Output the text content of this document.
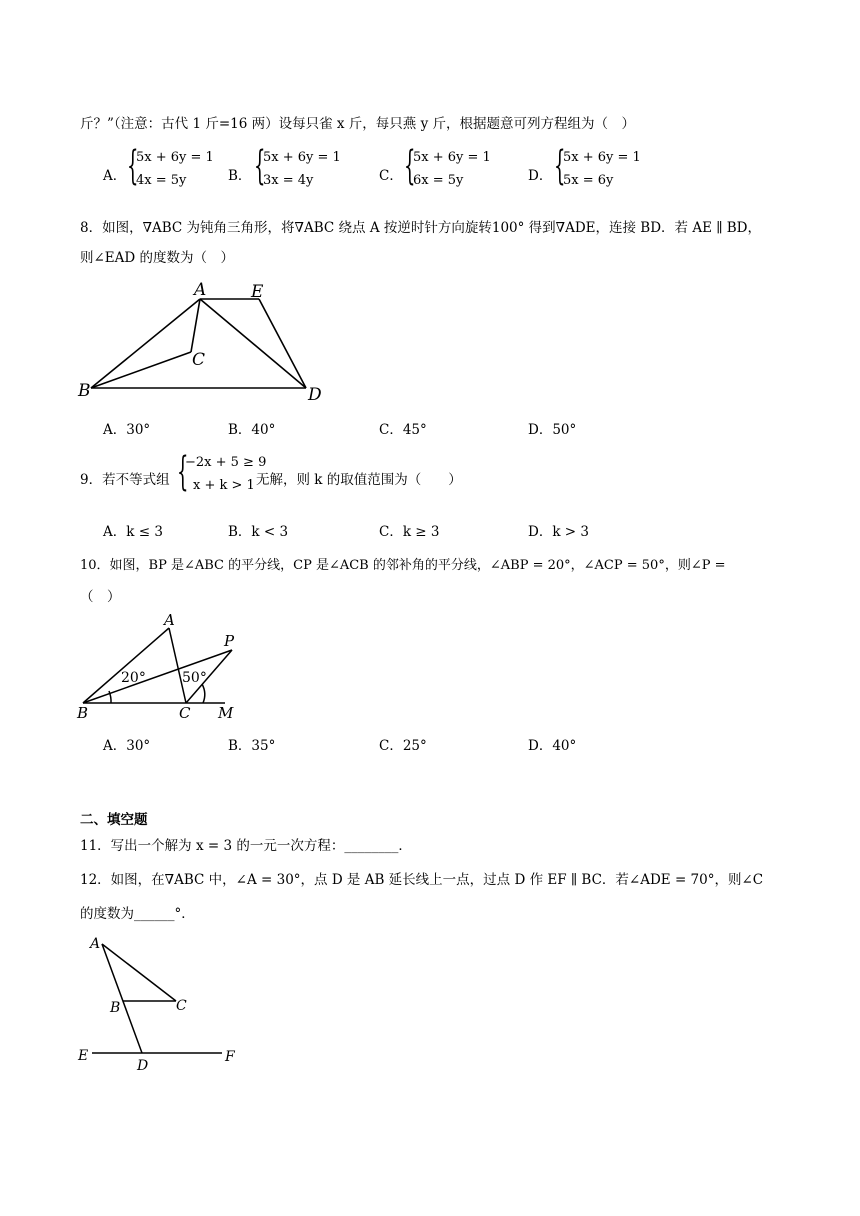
斤？”（注意：古代 1 斤=16 两）设每只雀 x 斤，每只燕 y 斤，根据题意可列方程组为（　）
A． {
5x + 6y = 1
4x = 5y	B． {
5x + 6y = 1
3x = 4y	C． {
5x + 6y = 1
6x = 5y	D． {
5x + 6y = 1
5x = 6y
8．如图，∇ABC 为钝角三角形，将∇ABC 绕点 A 按逆时针方向旋转100° 得到∇ADE，连接 BD．若 AE ∥ BD，
则∠EAD 的度数为（　）
A	E
C
B	D
A．30°	B．40°	C．45°	D．50°
9．若不等式组 {
−2x + 5 ≥ 9
x + k > 1 无解，则 k 的取值范围为（　　）
A．k ≤ 3	B．k < 3	C．k ≥ 3	D．k > 3
10．如图，BP 是∠ABC 的平分线，CP 是∠ACB 的邻补角的平分线，∠ABP = 20°，∠ACP = 50°，则∠P =
（　）
A
P
B	C M
20°	50°
A．30°	B．35°	C．25°	D．40°
二、填空题
11．写出一个解为 x = 3 的一元一次方程：________．
12．如图，在∇ABC 中，∠A = 30°，点 D 是 AB 延长线上一点，过点 D 作 EF ∥ BC．若∠ADE = 70°，则∠C
的度数为______°．
A
B	C
E
D
F
